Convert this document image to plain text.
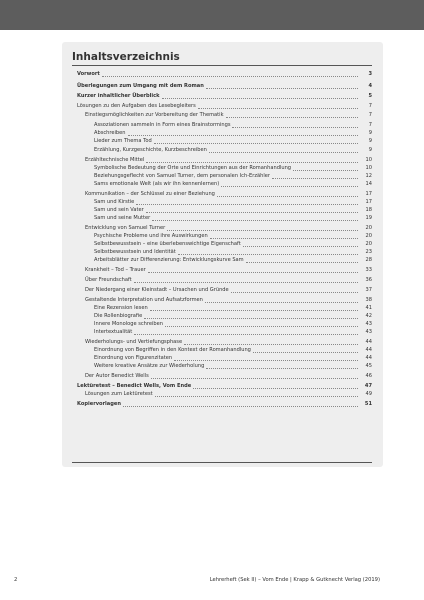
Inhaltsverzeichnis
Vorwort	3
Überlegungen zum Umgang mit dem Roman	4
Kurzer inhaltlicher Überblick	5
Lösungen zu den Aufgaben des Lesebegleiters	7
Einstiegsmöglichkeiten zur Vorbereitung der Thematik	7
Assoziationen sammeln in Form eines Brainstormings	7
Abschreiben	9
Lieder zum Thema Tod	9
Erzählung, Kurzgeschichte, Kurzbeschreiben	9
Erzähltechnische Mittel	10
Symbolische Bedeutung der Orte und Einrichtungen aus der Romanhandlung	10
Beziehungsgeflecht von Samuel Turner, dem personalen Ich-Erzähler	12
Sams emotionale Welt (als wir ihn kennenlernen)	14
Kommunikation – der Schlüssel zu einer Beziehung	17
Sam und Kirstie	17
Sam und sein Vater	18
Sam und seine Mutter	19
Entwicklung von Samuel Turner	20
Psychische Probleme und ihre Auswirkungen	20
Selbstbewusstsein – eine überlebenswichtige Eigenschaft	20
Selbstbewusstsein und Identität	23
Arbeitsblätter zur Differenzierung: Entwicklungskurve Sam	28
Krankheit – Tod – Trauer	33
Über Freundschaft	36
Der Niedergang einer Kleinstadt – Ursachen und Gründe	37
Gestaltende Interpretation und Aufsatzformen	38
Eine Rezension lesen	41
Die Rollenbiografie	42
Innere Monologe schreiben	43
Intertextualität	43
Wiederholungs- und Vertiefungsphase	44
Einordnung von Begriffen in den Kontext der Romanhandlung	44
Einordnung von Figurenzitaten	44
Weitere kreative Ansätze zur Wiederholung	45
Der Autor Benedict Wells	46
Lektüretest – Benedict Wells, Vom Ende	47
Lösungen zum Lektüretest	49
Kopiervorlagen	51
2	Lehrerheft (Sek II) – Vom Ende | Krapp & Gutknecht Verlag (2019)
